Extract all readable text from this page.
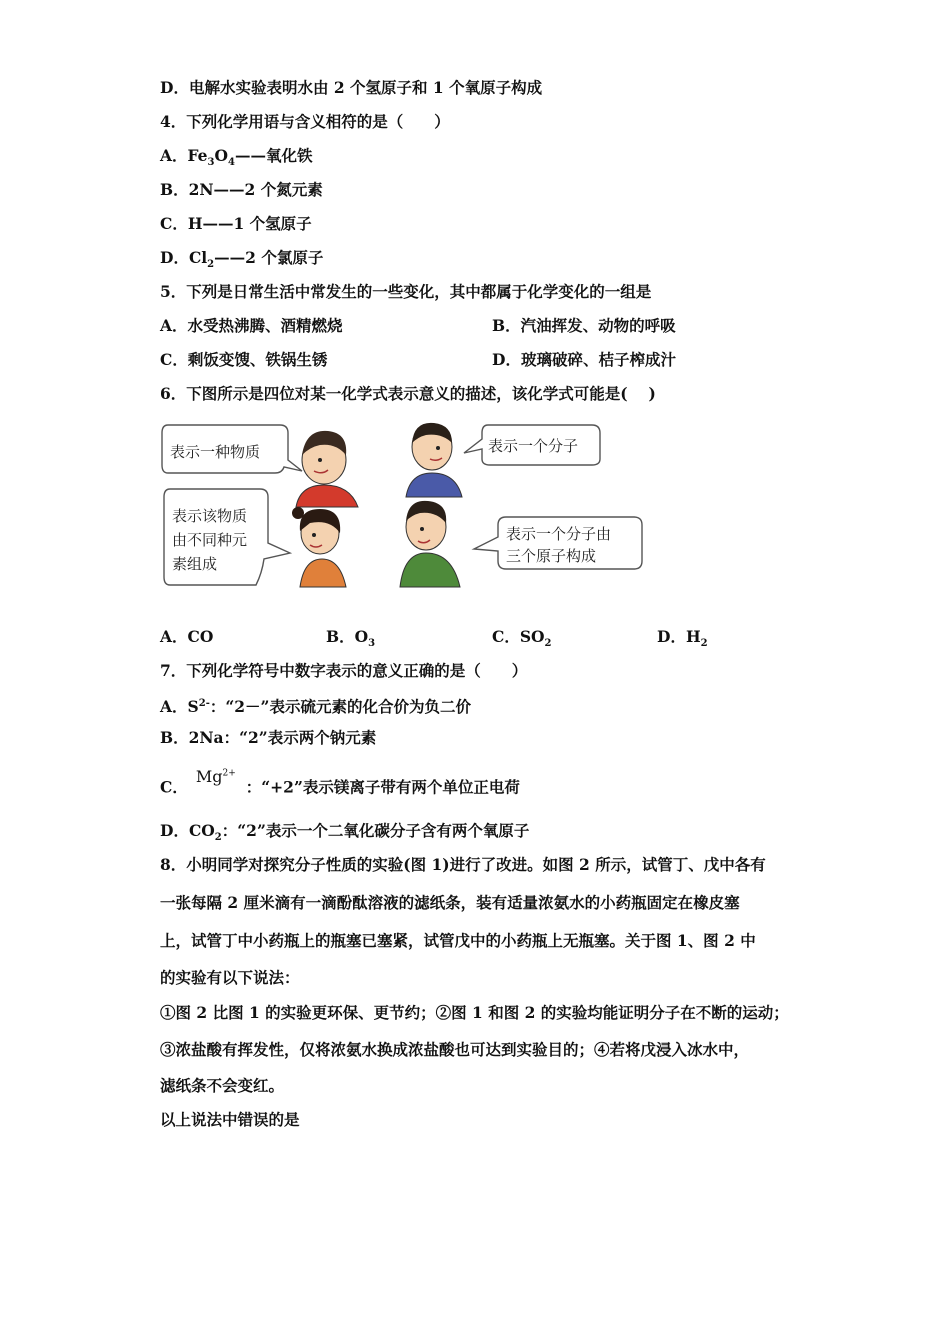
D．电解水实验表明水由 2 个氢原子和 1 个氧原子构成
4．下列化学用语与含义相符的是（　　）
A．$Fe_3O_4——$氧化铁
B．2N——2 个氮元素
C．H——1 个氢原子
D．$Cl_2——2$ 个氯原子
5．下列是日常生活中常发生的一些变化，其中都属于化学变化的一组是
A．水受热沸腾、酒精燃烧	B．汽油挥发、动物的呼吸
C．剩饭变馊、铁锅生锈	D．玻璃破碎、桔子榨成汁
6．下图所示是四位对某一化学式表示意义的描述，该化学式可能是(　 )
表示一种物质	表示一个分子
表示该物质
由不同种元
素组成
表示一个分子由
三个原子构成
A．CO	B．$O_3$	C．$SO_2$	D．$H_2$
7．下列化学符号中数字表示的意义正确的是（　　）
A．$S^{2-}$：“2－”表示硫元素的化合价为负二价
B．2Na：“2”表示两个钠元素
C．$Mg^{2+}$：“+2”表示镁离子带有两个单位正电荷
D．$CO_2$：“2”表示一个二氧化碳分子含有两个氧原子
8．小明同学对探究分子性质的实验(图 1)进行了改进。如图 2 所示，试管丁、戊中各有
一张每隔 2 厘米滴有一滴酚酞溶液的滤纸条，装有适量浓氨水的小药瓶固定在橡皮塞
上，试管丁中小药瓶上的瓶塞已塞紧，试管戊中的小药瓶上无瓶塞。关于图 1、图 2 中
的实验有以下说法：
①图 2 比图 1 的实验更环保、更节约；②图 1 和图 2 的实验均能证明分子在不断的运动；
③浓盐酸有挥发性，仅将浓氨水换成浓盐酸也可达到实验目的；④若将戊浸入冰水中，
滤纸条不会变红。
以上说法中错误的是
